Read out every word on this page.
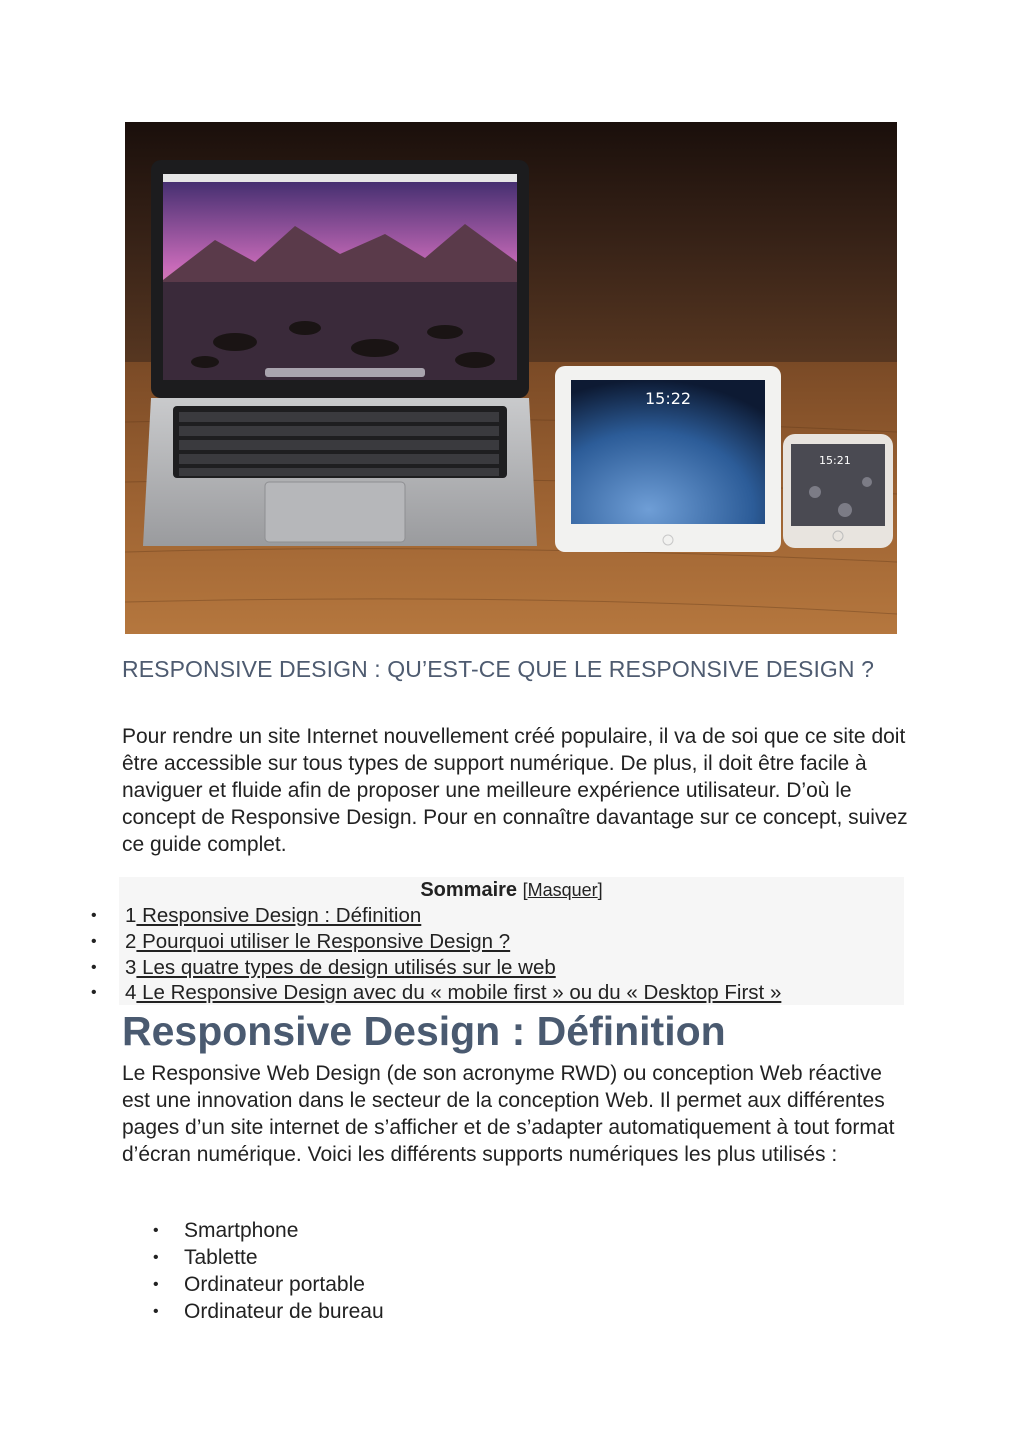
15:22
15:21
RESPONSIVE DESIGN : QU’EST-CE QUE LE RESPONSIVE DESIGN ?
Pour rendre un site Internet nouvellement créé populaire, il va de soi que ce site doit être accessible sur tous types de support numérique. De plus, il doit être facile à naviguer et fluide afin de proposer une meilleure expérience utilisateur. D’où le concept de Responsive Design. Pour en connaître davantage sur ce concept, suivez ce guide complet.
Sommaire [Masquer]
• 1 Responsive Design : Définition
• 2 Pourquoi utiliser le Responsive Design ?
• 3 Les quatre types de design utilisés sur le web
• 4 Le Responsive Design avec du « mobile first » ou du « Desktop First »
Responsive Design : Définition
Le Responsive Web Design (de son acronyme RWD) ou conception Web réactive est une innovation dans le secteur de la conception Web. Il permet aux différentes pages d’un site internet de s’afficher et de s’adapter automatiquement à tout format d’écran numérique. Voici les différents supports numériques les plus utilisés :
• Smartphone
• Tablette
• Ordinateur portable
• Ordinateur de bureau
